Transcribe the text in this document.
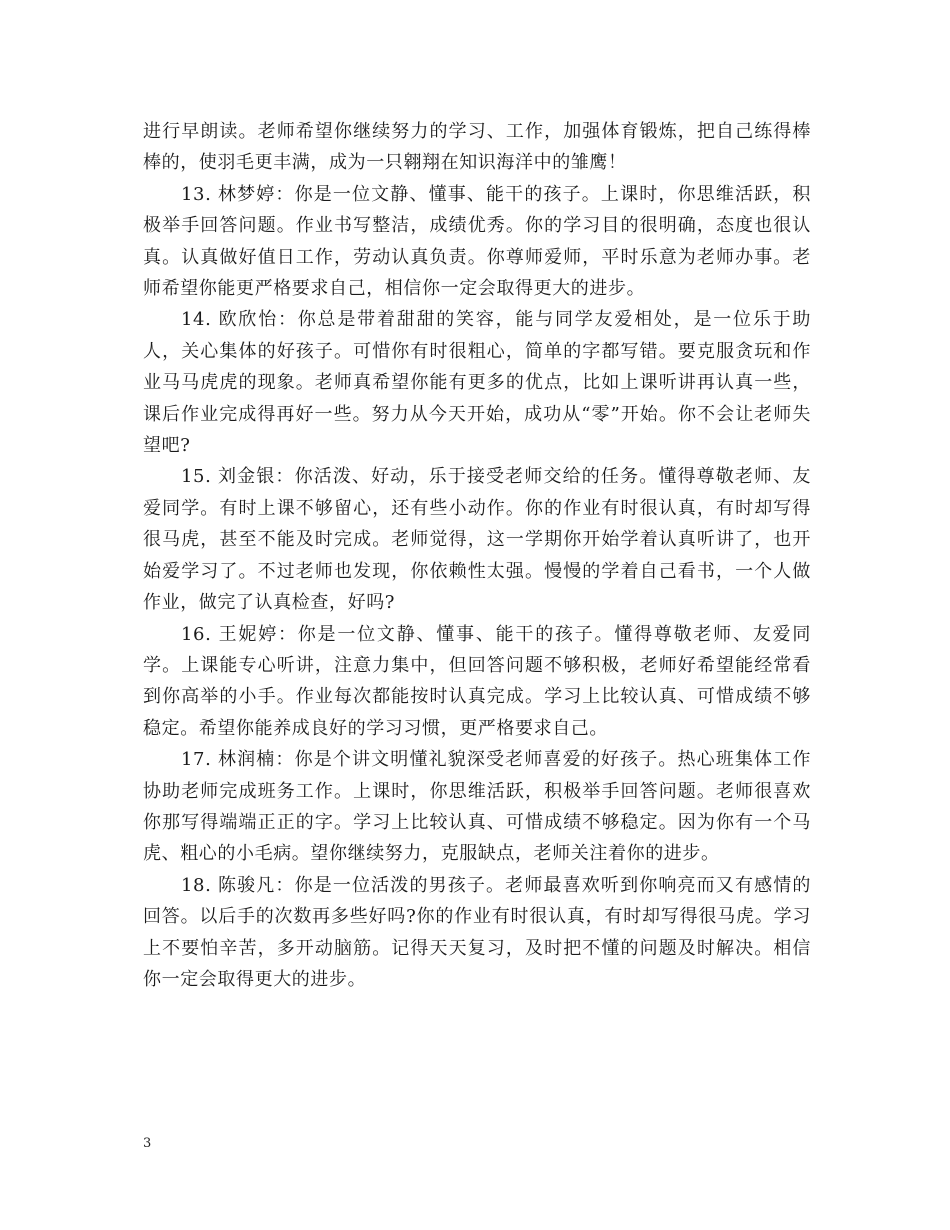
进行早朗读。老师希望你继续努力的学习、工作，加强体育锻炼，把自己练得棒棒的，使羽毛更丰满，成为一只翱翔在知识海洋中的雏鹰！

13. 林梦婷：你是一位文静、懂事、能干的孩子。上课时，你思维活跃，积极举手回答问题。作业书写整洁，成绩优秀。你的学习目的很明确，态度也很认真。认真做好值日工作，劳动认真负责。你尊师爱师，平时乐意为老师办事。老师希望你能更严格要求自己，相信你一定会取得更大的进步。

14. 欧欣怡：你总是带着甜甜的笑容，能与同学友爱相处，是一位乐于助人，关心集体的好孩子。可惜你有时很粗心，简单的字都写错。要克服贪玩和作业马马虎虎的现象。老师真希望你能有更多的优点，比如上课听讲再认真一些，课后作业完成得再好一些。努力从今天开始，成功从“零”开始。你不会让老师失望吧?

15. 刘金银：你活泼、好动，乐于接受老师交给的任务。懂得尊敬老师、友爱同学。有时上课不够留心，还有些小动作。你的作业有时很认真，有时却写得很马虎，甚至不能及时完成。老师觉得，这一学期你开始学着认真听讲了，也开始爱学习了。不过老师也发现，你依赖性太强。慢慢的学着自己看书，一个人做作业，做完了认真检查，好吗?

16. 王妮婷：你是一位文静、懂事、能干的孩子。懂得尊敬老师、友爱同学。上课能专心听讲，注意力集中，但回答问题不够积极，老师好希望能经常看到你高举的小手。作业每次都能按时认真完成。学习上比较认真、可惜成绩不够稳定。希望你能养成良好的学习习惯，更严格要求自己。

17. 林润楠：你是个讲文明懂礼貌深受老师喜爱的好孩子。热心班集体工作协助老师完成班务工作。上课时，你思维活跃，积极举手回答问题。老师很喜欢你那写得端端正正的字。学习上比较认真、可惜成绩不够稳定。因为你有一个马虎、粗心的小毛病。望你继续努力，克服缺点，老师关注着你的进步。

18. 陈骏凡：你是一位活泼的男孩子。老师最喜欢听到你响亮而又有感情的回答。以后手的次数再多些好吗?你的作业有时很认真，有时却写得很马虎。学习上不要怕辛苦，多开动脑筋。记得天天复习，及时把不懂的问题及时解决。相信你一定会取得更大的进步。

3
